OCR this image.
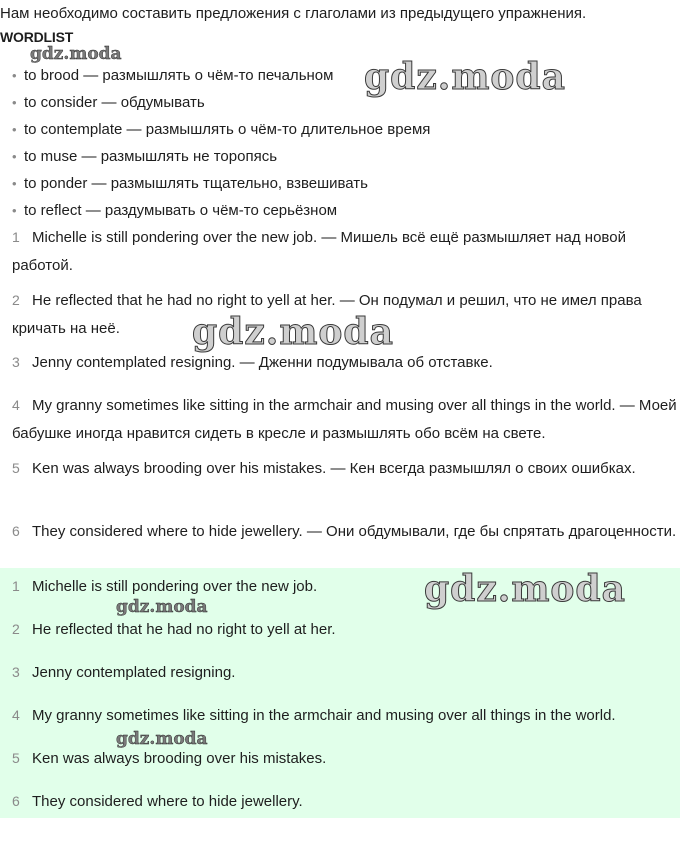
Нам необходимо составить предложения с глаголами из предыдущего упражнения.
WORDLIST
• to brood — размышлять о чём-то печальном
• to consider — обдумывать
• to contemplate — размышлять о чём-то длительное время
• to muse — размышлять не торопясь
• to ponder — размышлять тщательно, взвешивать
• to reflect — раздумывать о чём-то серьёзном
1 Michelle is still pondering over the new job. — Мишель всё ещё размышляет над новой работой.
2 He reflected that he had no right to yell at her. — Он подумал и решил, что не имел права кричать на неё.
3 Jenny contemplated resigning. — Дженни подумывала об отставке.
4 My granny sometimes like sitting in the armchair and musing over all things in the world. — Моей бабушке иногда нравится сидеть в кресле и размышлять обо всём на свете.
5 Ken was always brooding over his mistakes. — Кен всегда размышлял о своих ошибках.
6 They considered where to hide jewellery. — Они обдумывали, где бы спрятать драгоценности.
1 Michelle is still pondering over the new job.
2 He reflected that he had no right to yell at her.
3 Jenny contemplated resigning.
4 My granny sometimes like sitting in the armchair and musing over all things in the world.
5 Ken was always brooding over his mistakes.
6 They considered where to hide jewellery.
gdz.moda
gdz.moda
gdz.moda
gdz.moda
gdz.moda
gdz.moda
